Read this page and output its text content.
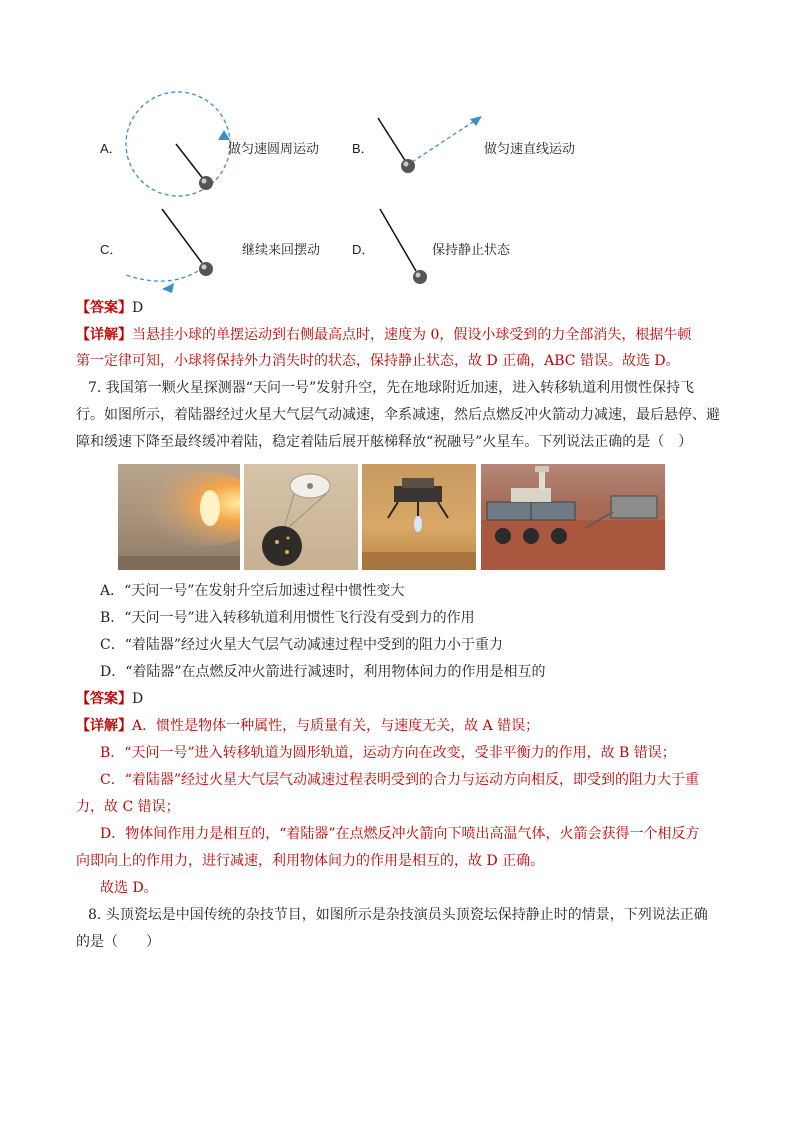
A．	做匀速圆周运动	B．	做匀速直线运动
C．	继续来回摆动 D．	保持静止状态
【答案】D
【详解】当悬挂小球的单摆运动到右侧最高点时，速度为 0，假设小球受到的力全部消失，根据牛顿
第一定律可知，小球将保持外力消失时的状态，保持静止状态，故 D 正确，ABC 错误。故选 D。
7. 我国第一颗火星探测器“天问一号”发射升空，先在地球附近加速，进入转移轨道利用惯性保持飞
行。如图所示，着陆器经过火星大气层气动减速，伞系减速，然后点燃反冲火箭动力减速，最后悬停、避
障和缓速下降至最终缓冲着陆，稳定着陆后展开舷梯释放“祝融号”火星车。下列说法正确的是（　）
A．“天问一号”在发射升空后加速过程中惯性变大
B．“天问一号”进入转移轨道利用惯性飞行没有受到力的作用
C．“着陆器”经过火星大气层气动减速过程中受到的阻力小于重力
D．“着陆器”在点燃反冲火箭进行减速时，利用物体间力的作用是相互的
【答案】D
【详解】A．惯性是物体一种属性，与质量有关，与速度无关，故 A 错误；
B．“天问一号”进入转移轨道为圆形轨道，运动方向在改变，受非平衡力的作用，故 B 错误；
C．“着陆器”经过火星大气层气动减速过程表明受到的合力与运动方向相反，即受到的阻力大于重
力，故 C 错误；
D．物体间作用力是相互的，“着陆器”在点燃反冲火箭向下喷出高温气体，火箭会获得一个相反方
向即向上的作用力，进行减速，利用物体间力的作用是相互的，故 D 正确。
故选 D。
8. 头顶瓷坛是中国传统的杂技节目，如图所示是杂技演员头顶瓷坛保持静止时的情景，下列说法正确
的是（　　）
